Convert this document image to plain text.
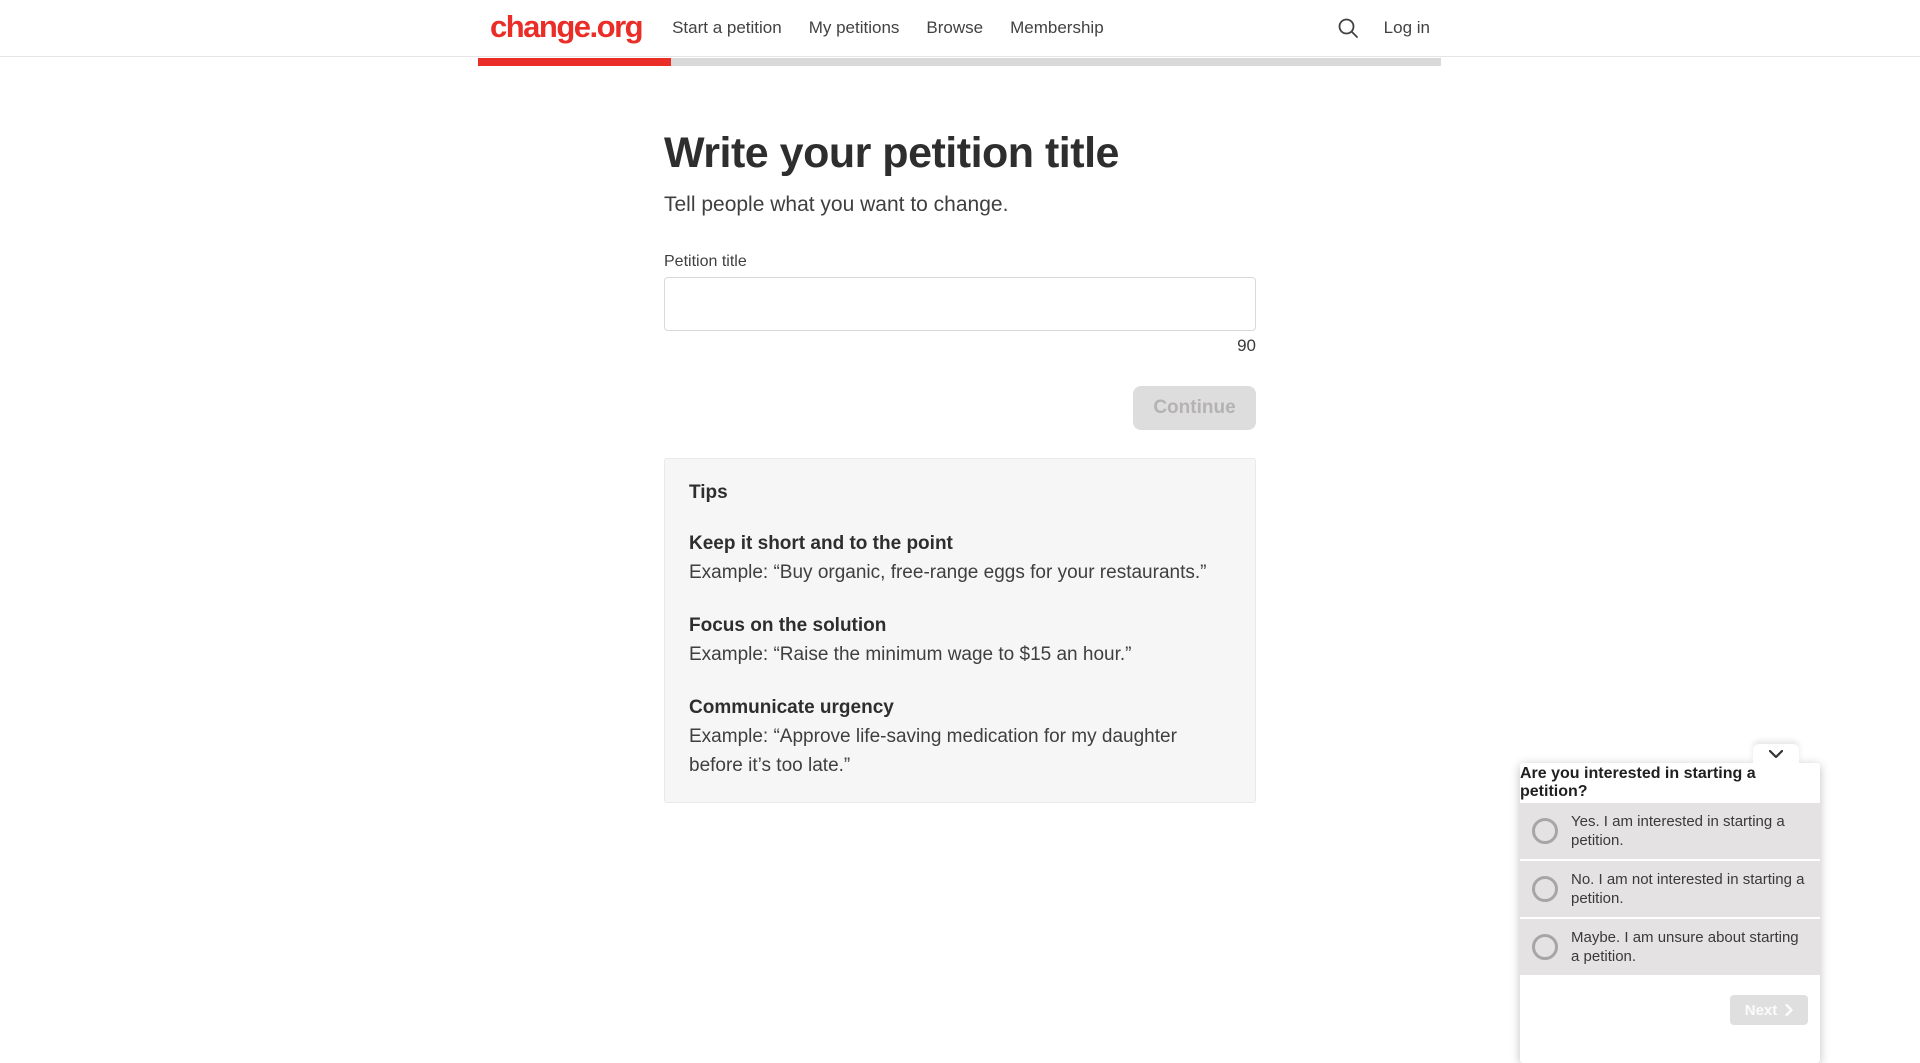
change.org Start a petition My petitions Browse Membership	Log in
Write your petition title
Tell people what you want to change.
Petition title
90
Continue
Tips
Keep it short and to the point
Example: “Buy organic, free-range eggs for your restaurants.”
Focus on the solution
Example: “Raise the minimum wage to $15 an hour.”
Communicate urgency
Example: “Approve life-saving medication for my daughter before it’s too late.”	Are you interested in starting a petition?
Yes. I am interested in starting a petition.
No. I am not interested in starting a petition.
Maybe. I am unsure about starting a petition.
Next
